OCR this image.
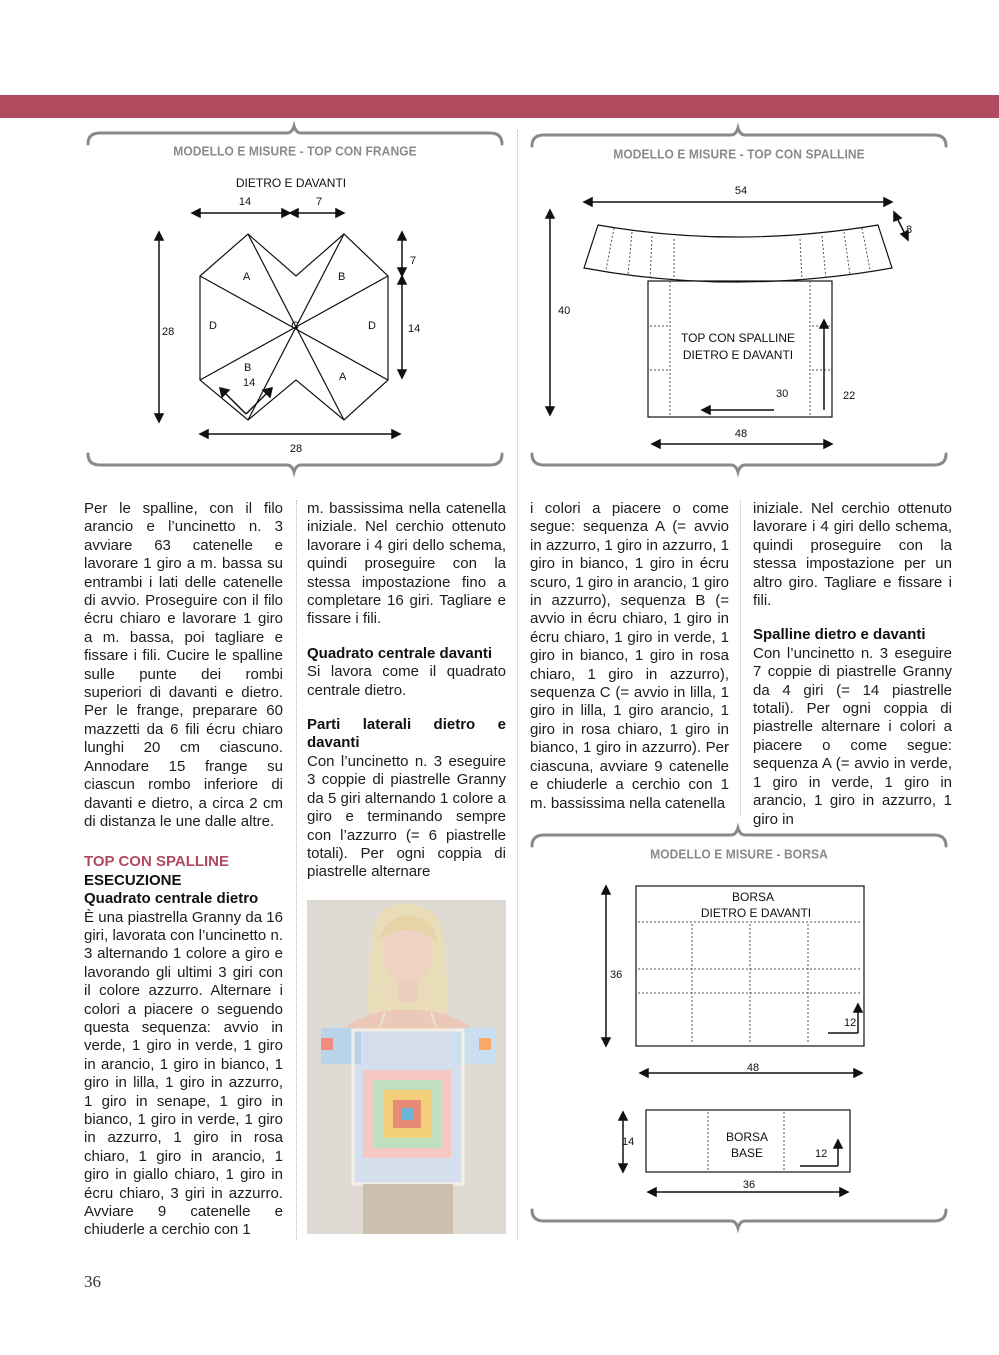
MODELLO E MISURE - TOP CON FRANGE
DIETRO E DAVANTI
14	7
28
7
14
28
A	B
D	C	D
B
14	A
MODELLO E MISURE - TOP CON SPALLINE
54
8
40
TOP CON SPALLINE
DIETRO E DAVANTI
30	22
48
MODELLO E MISURE - BORSA
BORSA
DIETRO E DAVANTI
36
12
48
14	BORSA
BASE	12
36

Per le spalline, con il filo arancio e l’uncinetto n. 3 avviare 63 catenelle e lavorare 1 giro a m. bassa su entrambi i lati delle catenelle di avvio. Proseguire con il filo écru chiaro e lavorare 1 giro a m. bassa, poi tagliare e fissare i fili. Cucire le spalline sulle punte dei rombi superiori di davanti e dietro. Per le frange, preparare 60 mazzetti da 6 fili écru chiaro lunghi 20 cm ciascuno. Annodare 15 frange su ciascun rombo inferiore di davanti e dietro, a circa 2 cm di distanza le une dalle altre.

TOP CON SPALLINE
ESECUZIONE
Quadrato centrale dietro

È una piastrella Granny da 16 giri, lavorata con l’uncinetto n. 3 alternando 1 colore a giro e lavorando gli ultimi 3 giri con il colore azzurro. Alternare i colori a piacere o seguendo questa sequenza: avvio in verde, 1 giro in verde, 1 giro in arancio, 1 giro in bianco, 1 giro in lilla, 1 giro in azzurro, 1 giro in senape, 1 giro in bianco, 1 giro in verde, 1 giro in azzurro, 1 giro in rosa chiaro, 1 giro in arancio, 1 giro in giallo chiaro, 1 giro in écru chiaro, 3 giri in azzurro. Avviare 9 catenelle e chiuderle a cerchio con 1

m. bassissima nella catenella iniziale. Nel cerchio ottenuto lavorare i 4 giri dello schema, quindi proseguire con la stessa impostazione fino a completare 16 giri. Tagliare e fissare i fili.

Quadrato centrale davanti

Si lavora come il quadrato centrale dietro.

Parti laterali dietro e davanti

Con l’uncinetto n. 3 eseguire 3 coppie di piastrelle Granny da 5 giri alternando 1 colore a giro e terminando sempre con l’azzurro (= 6 piastrelle totali). Per ogni coppia di piastrelle alternare

i colori a piacere o come segue: sequenza A (= avvio in azzurro, 1 giro in azzurro, 1 giro in bianco, 1 giro in écru scuro, 1 giro in arancio, 1 giro in azzurro), sequenza B (= avvio in écru chiaro, 1 giro in écru chiaro, 1 giro in verde, 1 giro in bianco, 1 giro in rosa chiaro, 1 giro in azzurro), sequenza C (= avvio in lilla, 1 giro in lilla, 1 giro arancio, 1 giro in rosa chiaro, 1 giro in bianco, 1 giro in azzurro). Per ciascuna, avviare 9 catenelle e chiuderle a cerchio con 1 m. bassissima nella catenella

iniziale. Nel cerchio ottenuto lavorare i 4 giri dello schema, quindi proseguire con la stessa impostazione per un altro giro. Tagliare e fissare i fili.

Spalline dietro e davanti

Con l’uncinetto n. 3 eseguire 7 coppie di piastrelle Granny da 4 giri (= 14 piastrelle totali). Per ogni coppia di piastrelle alternare i colori a piacere o come segue: sequenza A (= avvio in verde, 1 giro in verde, 1 giro in arancio, 1 giro in azzurro, 1 giro in

36
